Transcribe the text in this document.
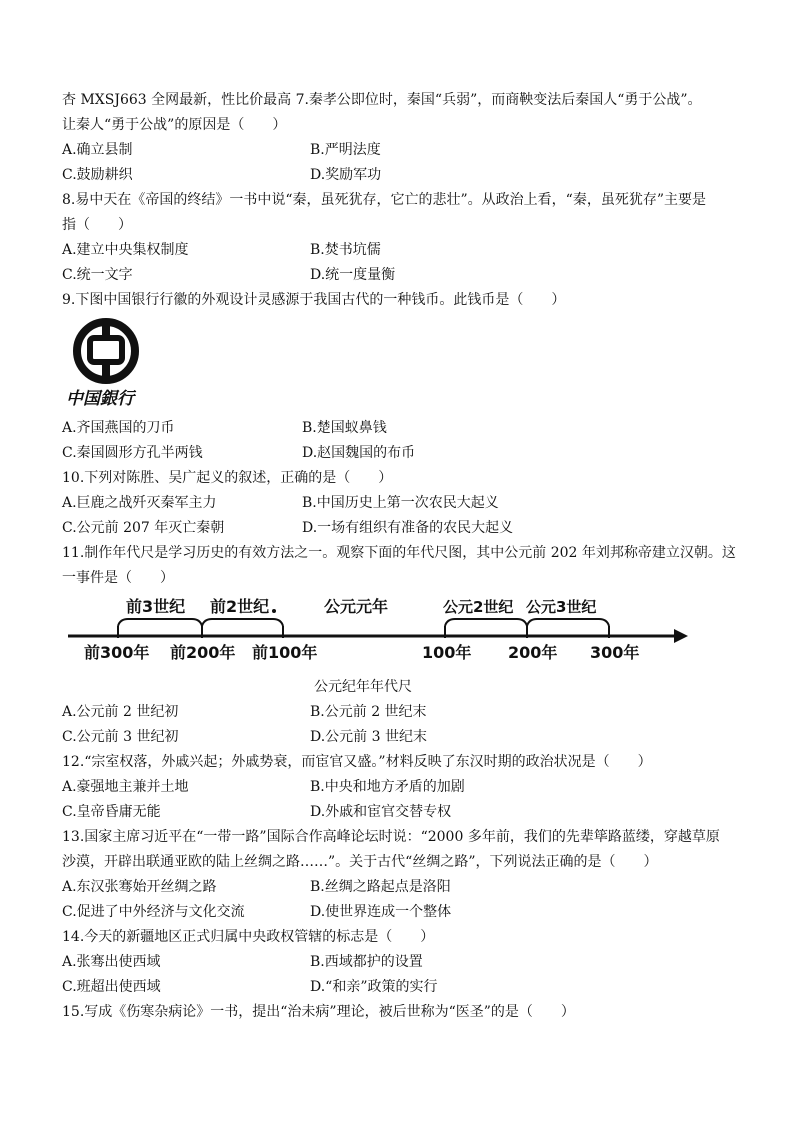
杏 MXSJ663 全网最新，性比价最高 7.秦孝公即位时，秦国“兵弱”，而商鞅变法后秦国人“勇于公战”。
让秦人“勇于公战”的原因是（　　）
A.确立县制	B.严明法度
C.鼓励耕织	D.奖励军功
8.易中天在《帝国的终结》一书中说“秦，虽死犹存，它亡的悲壮”。从政治上看，“秦，虽死犹存”主要是
指（　　）
A.建立中央集权制度	B.焚书坑儒
C.统一文字	D.统一度量衡
9.下图中国银行行徽的外观设计灵感源于我国古代的一种钱币。此钱币是（　　）
中国銀行
A.齐国燕国的刀币	B.楚国蚁鼻钱
C.秦国圆形方孔半两钱	D.赵国魏国的布币
10.下列对陈胜、吴广起义的叙述，正确的是（　　）
A.巨鹿之战歼灭秦军主力	B.中国历史上第一次农民大起义
C.公元前 207 年灭亡秦朝	D.一场有组织有准备的农民大起义
11.制作年代尺是学习历史的有效方法之一。观察下面的年代尺图，其中公元前 202 年刘邦称帝建立汉朝。这
一事件是（　　）
前3世纪 前2世纪	公元元年	公元2世纪 公元3世纪
前300年 前200年 前100年	100年 200年 300年
公元纪年年代尺
A.公元前 2 世纪初	B.公元前 2 世纪末
C.公元前 3 世纪初	D.公元前 3 世纪末
12.“宗室权落，外戚兴起；外戚势衰，而宦官又盛。”材料反映了东汉时期的政治状况是（　　）
A.豪强地主兼并土地	B.中央和地方矛盾的加剧
C.皇帝昏庸无能	D.外戚和宦官交替专权
13.国家主席习近平在“一带一路”国际合作高峰论坛时说：“2000 多年前，我们的先辈筚路蓝缕，穿越草原
沙漠，开辟出联通亚欧的陆上丝绸之路……”。关于古代“丝绸之路”，下列说法正确的是（　　）
A.东汉张骞始开丝绸之路	B.丝绸之路起点是洛阳
C.促进了中外经济与文化交流	D.使世界连成一个整体
14.今天的新疆地区正式归属中央政权管辖的标志是（　　）
A.张骞出使西域	B.西域都护的设置
C.班超出使西域	D.“和亲”政策的实行
15.写成《伤寒杂病论》一书，提出“治未病”理论，被后世称为“医圣”的是（　　）
